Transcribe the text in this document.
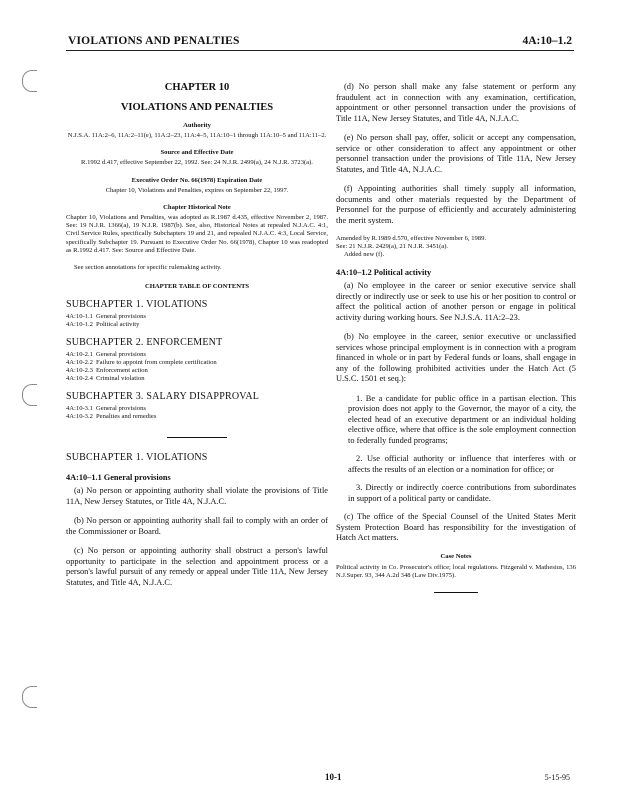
VIOLATIONS AND PENALTIES	4A:10–1.2
CHAPTER 10
VIOLATIONS AND PENALTIES
Authority
N.J.S.A. 11A:2–6, 11A:2–11(e), 11A:2–23, 11A:4–5, 11A:10–1 through 11A:10–5 and 11A:11–2.
Source and Effective Date
R.1992 d.417, effective September 22, 1992. See: 24 N.J.R. 2499(a), 24 N.J.R. 3723(a).
Executive Order No. 66(1978) Expiration Date
Chapter 10, Violations and Penalties, expires on September 22, 1997.
Chapter Historical Note
Chapter 10, Violations and Penalties, was adopted as R.1987 d.435, effective November 2, 1987. See: 19 N.J.R. 1366(a), 19 N.J.R. 1987(b). See, also, Historical Notes at repealed N.J.A.C. 4:1, Civil Service Rules, specifically Subchapters 19 and 21, and repealed N.J.A.C. 4:3, Local Service, specifically Subchapter 19. Pursuant to Executive Order No. 66(1978), Chapter 10 was readopted as R.1992 d.417. See: Source and Effective Date.
See section annotations for specific rulemaking activity.
CHAPTER TABLE OF CONTENTS
SUBCHAPTER 1. VIOLATIONS
4A:10-1.1 General provisions
4A:10-1.2 Political activity
SUBCHAPTER 2. ENFORCEMENT
4A:10-2.1 General provisions
4A:10-2.2 Failure to appoint from complete certification
4A:10-2.3 Enforcement action
4A:10-2.4 Criminal violation
SUBCHAPTER 3. SALARY DISAPPROVAL
4A:10-3.1 General provisions
4A:10-3.2 Penalties and remedies
SUBCHAPTER 1. VIOLATIONS
4A:10–1.1 General provisions
(a) No person or appointing authority shall violate the provisions of Title 11A, New Jersey Statutes, or Title 4A, N.J.A.C.
(b) No person or appointing authority shall fail to comply with an order of the Commissioner or Board.
(c) No person or appointing authority shall obstruct a person's lawful opportunity to participate in the selection and appointment process or a person's lawful pursuit of any remedy or appeal under Title 11A, New Jersey Statutes, and Title 4A, N.J.A.C.
(d) No person shall make any false statement or perform any fraudulent act in connection with any examination, certification, appointment or other personnel transaction under the provisions of Title 11A, New Jersey Statutes, and Title 4A, N.J.A.C.
(e) No person shall pay, offer, solicit or accept any compensation, service or other consideration to affect any appointment or other personnel transaction under the provisions of Title 11A, New Jersey Statutes, and Title 4A, N.J.A.C.
(f) Appointing authorities shall timely supply all information, documents and other materials requested by the Department of Personnel for the purpose of efficiently and accurately administering the merit system.
Amended by R.1989 d.570, effective November 6, 1989.
See: 21 N.J.R. 2429(a), 21 N.J.R. 3451(a).
Added new (f).
4A:10–1.2 Political activity
(a) No employee in the career or senior executive service shall directly or indirectly use or seek to use his or her position to control or affect the political action of another person or engage in political activity during working hours. See N.J.S.A. 11A:2–23.
(b) No employee in the career, senior executive or unclassified services whose principal employment is in connection with a program financed in whole or in part by Federal funds or loans, shall engage in any of the following prohibited activities under the Hatch Act (5 U.S.C. 1501 et seq.):
1. Be a candidate for public office in a partisan election. This provision does not apply to the Governor, the mayor of a city, the elected head of an executive department or an individual holding elective office, where that office is the sole employment connection to federally funded programs;
2. Use official authority or influence that interferes with or affects the results of an election or a nomination for office; or
3. Directly or indirectly coerce contributions from subordinates in support of a political party or candidate.
(c) The office of the Special Counsel of the United States Merit System Protection Board has responsibility for the investigation of Hatch Act matters.
Case Notes
Political activity in Co. Prosecutor's office; local regulations. Fitzgerald v. Mathesius, 136 N.J.Super. 93, 344 A.2d 348 (Law Div.1975).
10-1	5-15-95
